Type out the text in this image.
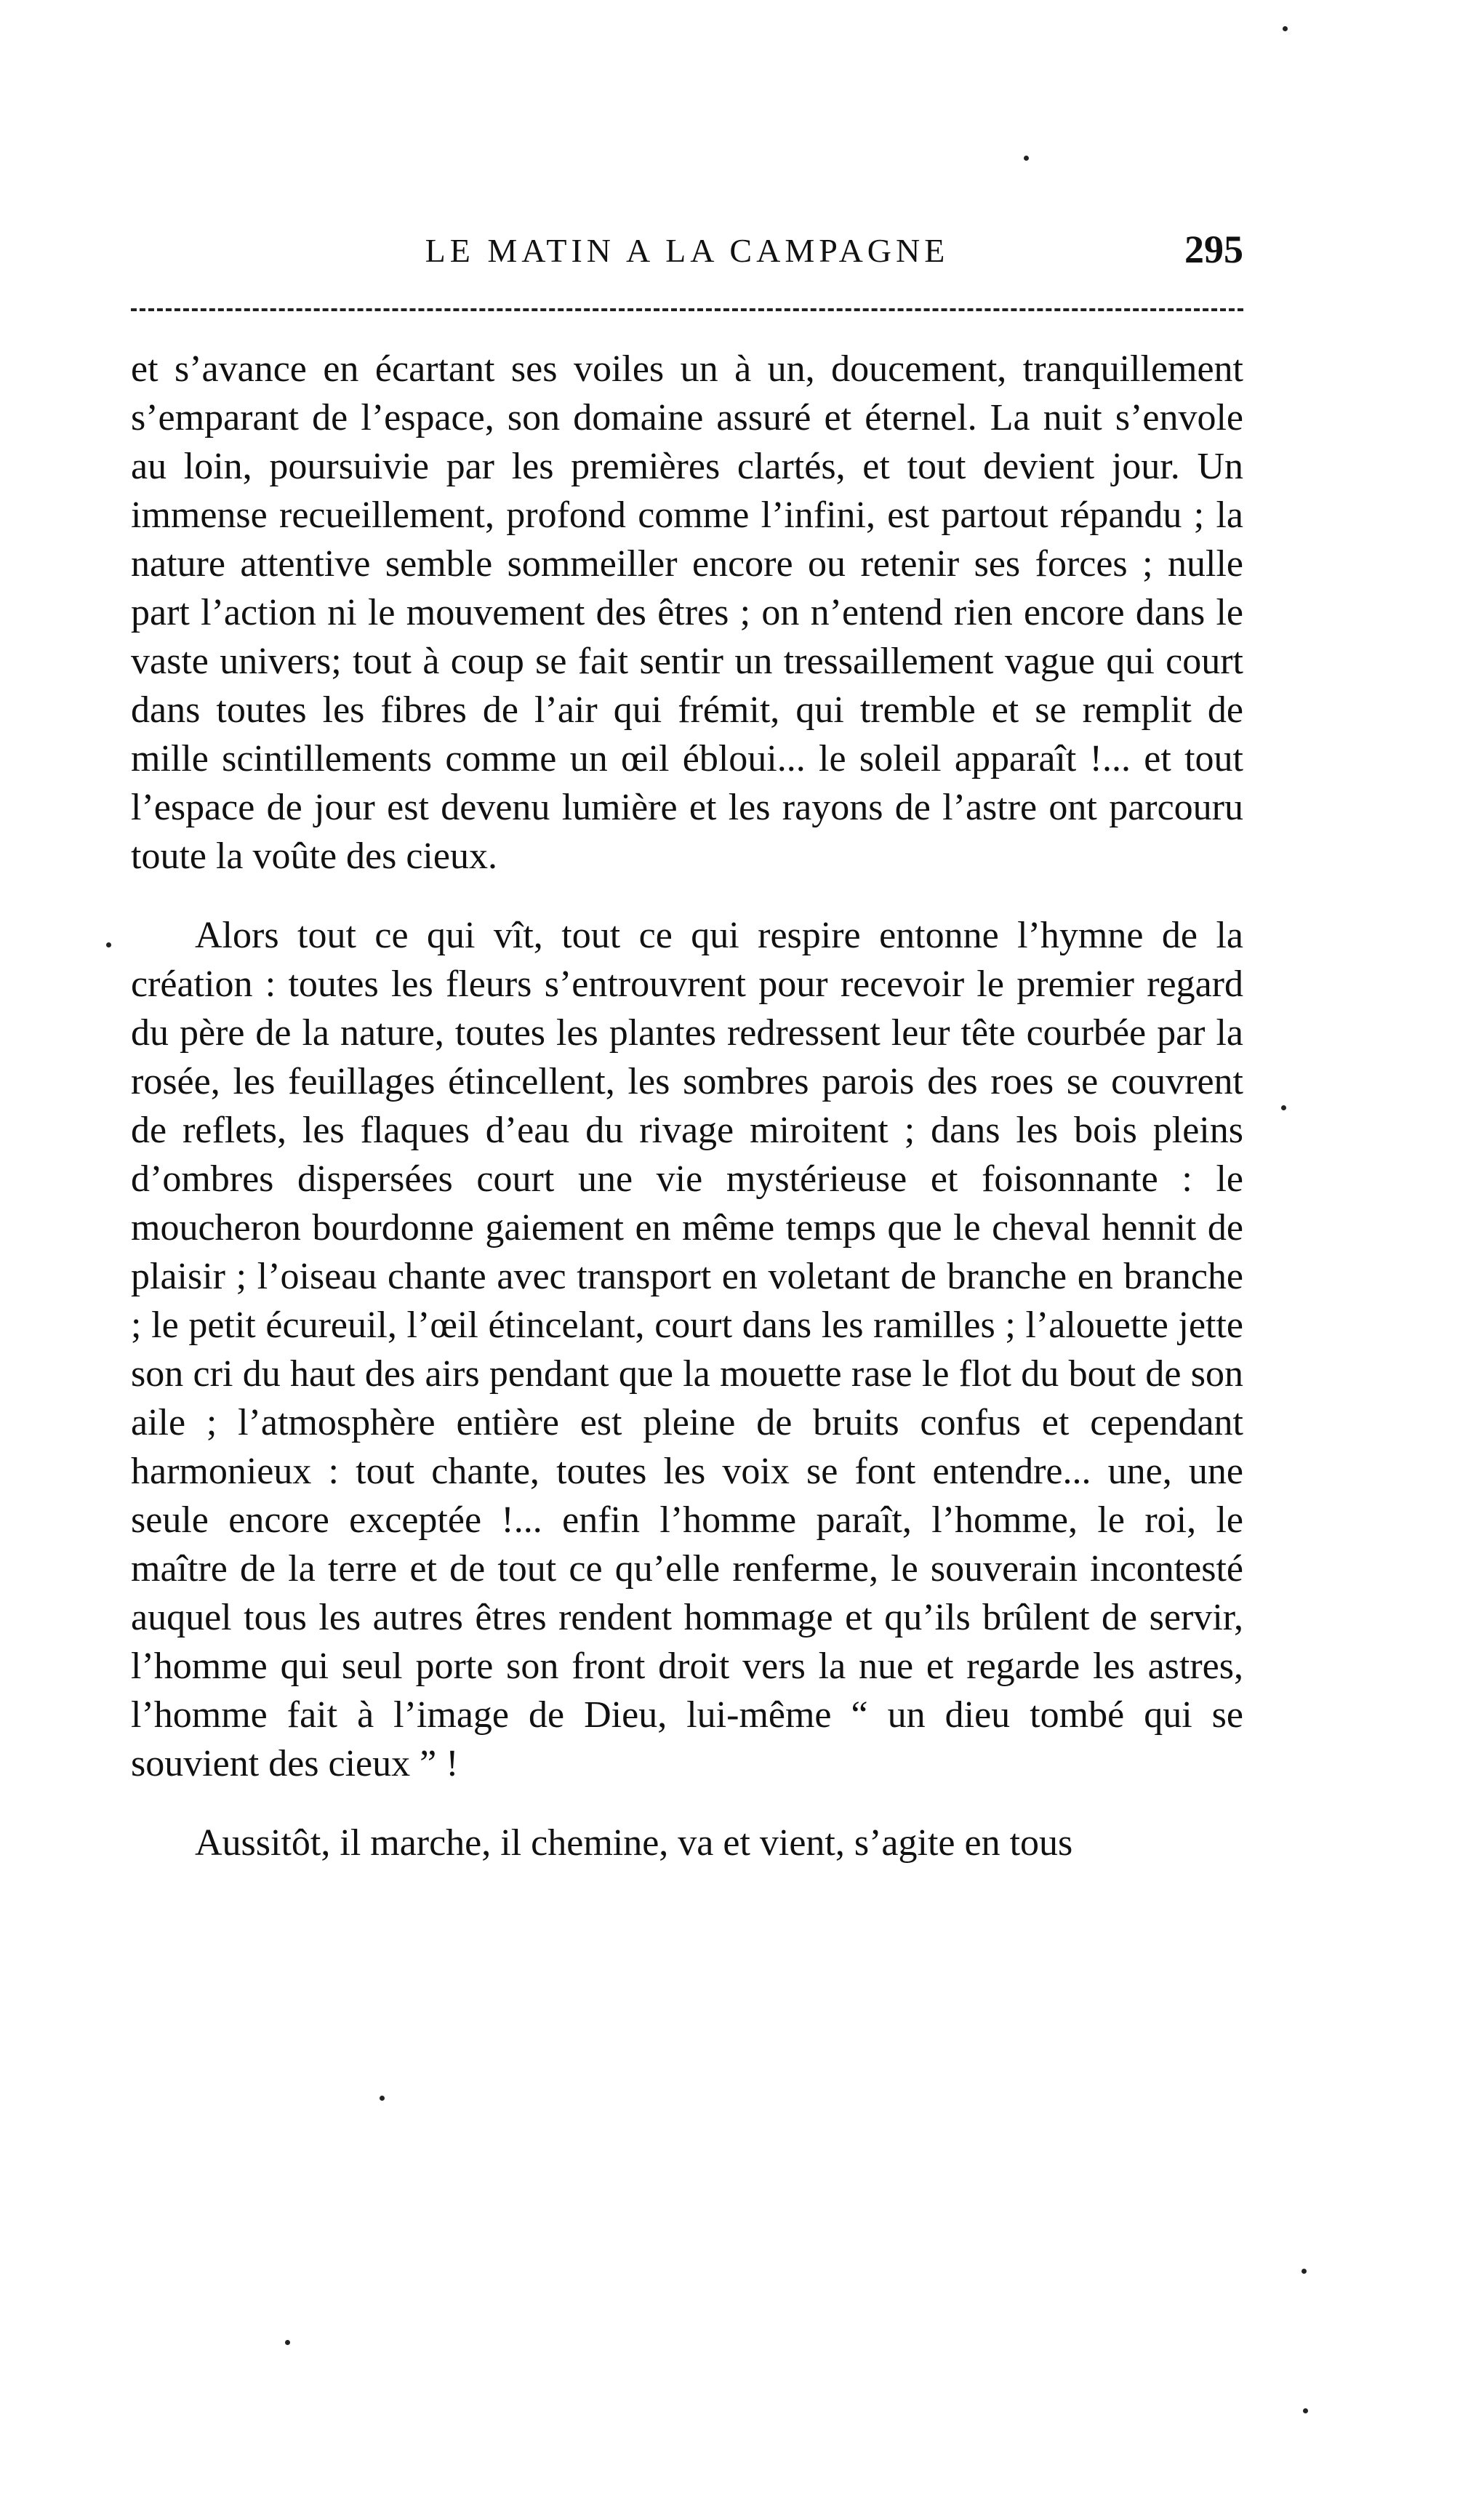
LE MATIN A LA CAMPAGNE	295

et s’avance en écartant ses voiles un à un, doucement, tranquillement s’emparant de l’espace, son domaine assuré et éternel. La nuit s’envole au loin, poursuivie par les premières clartés, et tout devient jour. Un immense recueillement, profond comme l’infini, est partout répandu ; la nature attentive semble sommeiller encore ou retenir ses forces ; nulle part l’action ni le mouvement des êtres ; on n’entend rien encore dans le vaste univers; tout à coup se fait sentir un tressaillement vague qui court dans toutes les fibres de l’air qui frémit, qui tremble et se remplit de mille scintillements comme un œil ébloui... le soleil apparaît !... et tout l’espace de jour est devenu lumière et les rayons de l’astre ont parcouru toute la voûte des cieux.

Alors tout ce qui vît, tout ce qui respire entonne l’hymne de la création : toutes les fleurs s’entrouvrent pour recevoir le premier regard du père de la nature, toutes les plantes redressent leur tête courbée par la rosée, les feuillages étincellent, les sombres parois des roes se couvrent de reflets, les flaques d’eau du rivage miroitent ; dans les bois pleins d’ombres dispersées court une vie mystérieuse et foisonnante : le moucheron bourdonne gaiement en même temps que le cheval hennit de plaisir ; l’oiseau chante avec transport en voletant de branche en branche ; le petit écureuil, l’œil étincelant, court dans les ramilles ; l’alouette jette son cri du haut des airs pendant que la mouette rase le flot du bout de son aile ; l’atmosphère entière est pleine de bruits confus et cependant harmonieux : tout chante, toutes les voix se font entendre... une, une seule encore exceptée !... enfin l’homme paraît, l’homme, le roi, le maître de la terre et de tout ce qu’elle renferme, le souverain incontesté auquel tous les autres êtres rendent hommage et qu’ils brûlent de servir, l’homme qui seul porte son front droit vers la nue et regarde les astres, l’homme fait à l’image de Dieu, lui-même “ un dieu tombé qui se souvient des cieux ” !

Aussitôt, il marche, il chemine, va et vient, s’agite en tous
